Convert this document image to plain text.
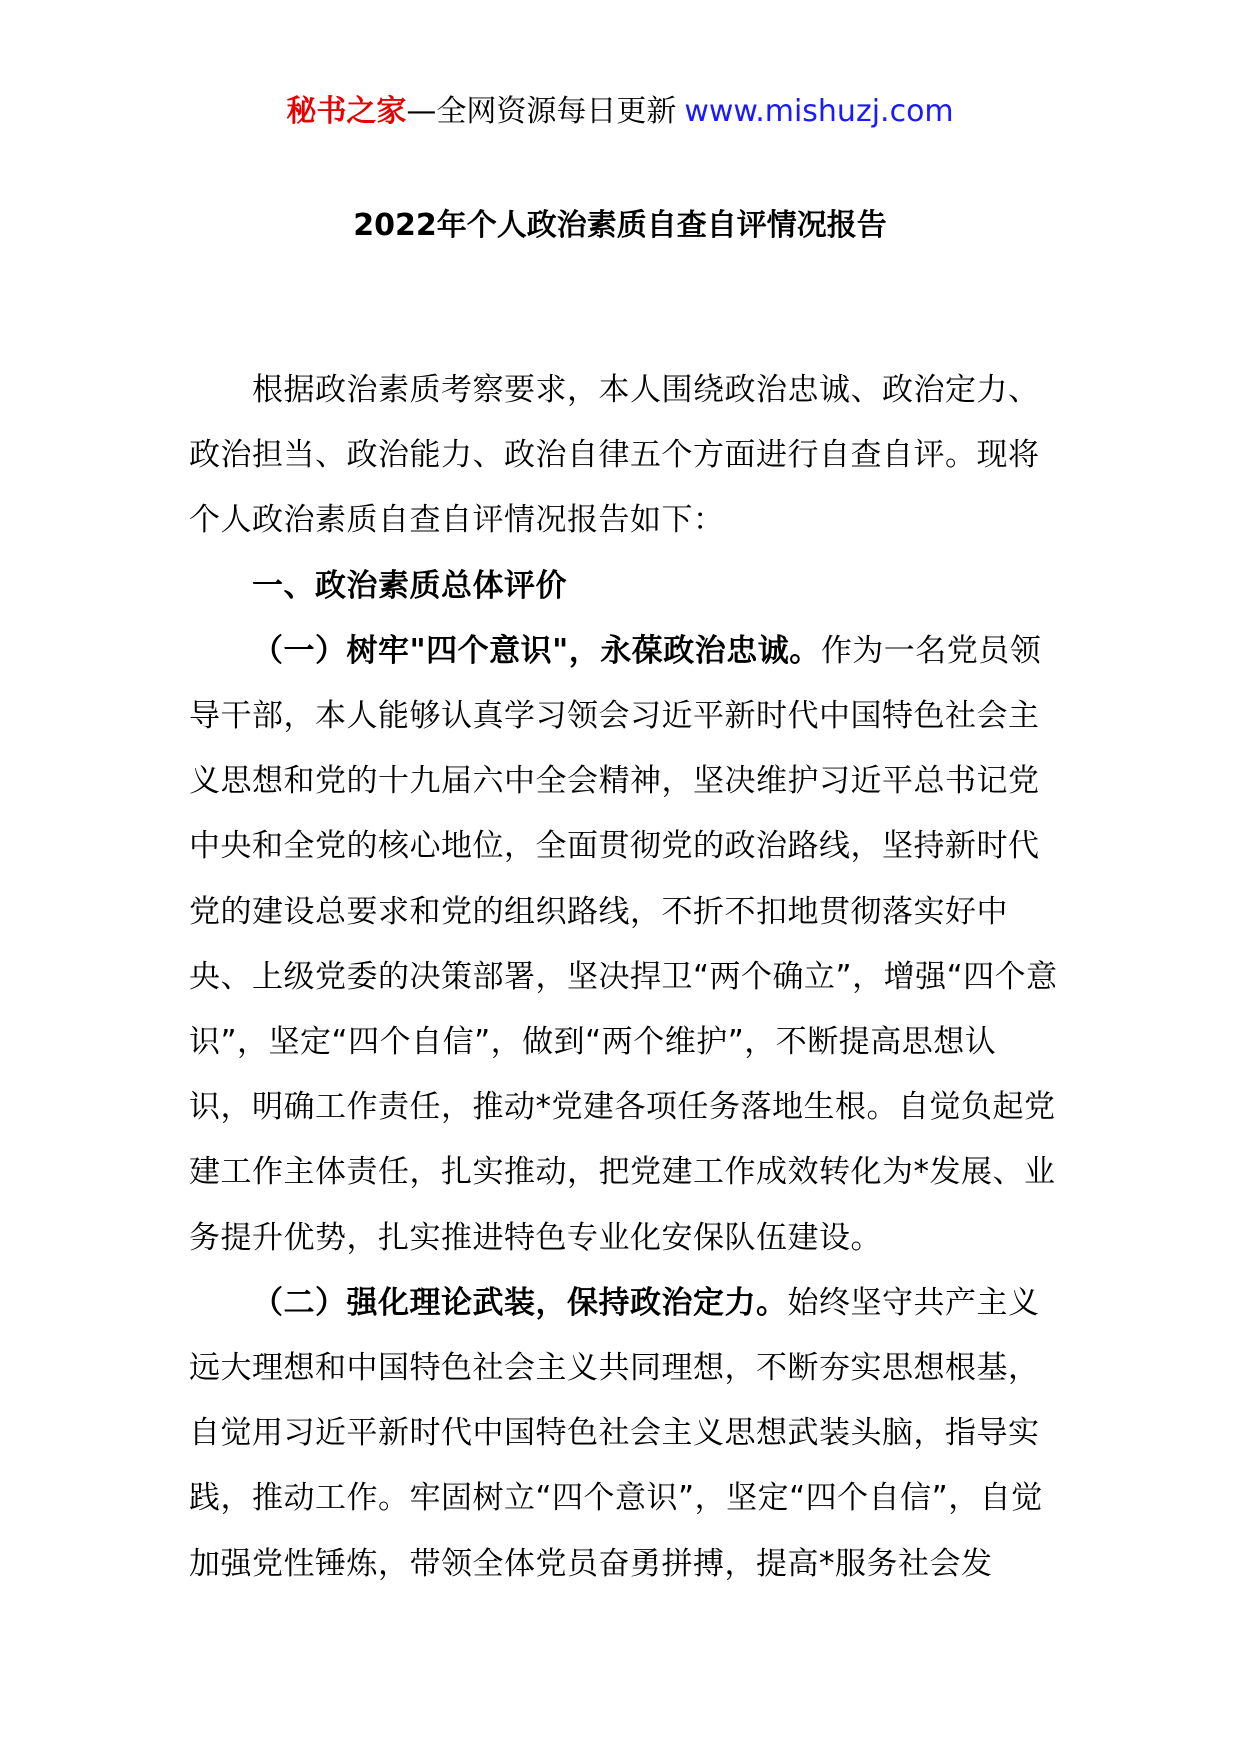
秘书之家—全网资源每日更新 www.mishuzj.com
2022年个人政治素质自查自评情况报告

根据政治素质考察要求，本人围绕政治忠诚、政治定力、政治担当、政治能力、政治自律五个方面进行自查自评。现将个人政治素质自查自评情况报告如下：

一、政治素质总体评价

（一）树牢"四个意识"，永葆政治忠诚。作为一名党员领导干部，本人能够认真学习领会习近平新时代中国特色社会主义思想和党的十九届六中全会精神，坚决维护习近平总书记党中央和全党的核心地位，全面贯彻党的政治路线，坚持新时代党的建设总要求和党的组织路线，不折不扣地贯彻落实好中央、上级党委的决策部署，坚决捍卫“两个确立”，增强“四个意识”，坚定“四个自信”，做到“两个维护”，不断提高思想认识，明确工作责任，推动*党建各项任务落地生根。自觉负起党建工作主体责任，扎实推动，把党建工作成效转化为*发展、业务提升优势，扎实推进特色专业化安保队伍建设。

（二）强化理论武装，保持政治定力。始终坚守共产主义远大理想和中国特色社会主义共同理想，不断夯实思想根基，自觉用习近平新时代中国特色社会主义思想武装头脑，指导实践，推动工作。牢固树立“四个意识”，坚定“四个自信”，自觉加强党性锤炼，带领全体党员奋勇拼搏，提高*服务社会发
